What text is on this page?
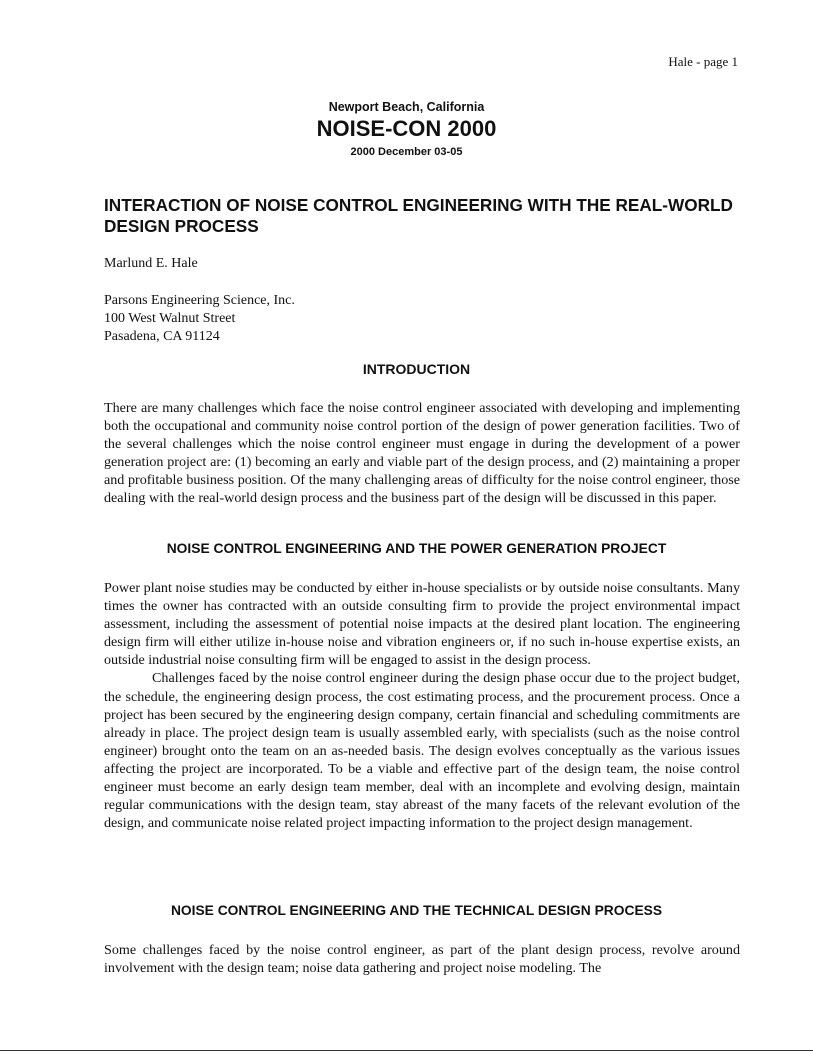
Hale - page 1
Newport Beach, California
NOISE-CON 2000
2000 December 03-05
INTERACTION OF NOISE CONTROL ENGINEERING WITH THE REAL-WORLD DESIGN PROCESS
Marlund E. Hale
Parsons Engineering Science, Inc.
100 West Walnut Street
Pasadena, CA 91124
INTRODUCTION

There are many challenges which face the noise control engineer associated with developing and implementing both the occupational and community noise control portion of the design of power generation facilities. Two of the several challenges which the noise control engineer must engage in during the development of a power generation project are: (1) becoming an early and viable part of the design process, and (2) maintaining a proper and profitable business position. Of the many challenging areas of difficulty for the noise control engineer, those dealing with the real-world design process and the business part of the design will be discussed in this paper.

NOISE CONTROL ENGINEERING AND THE POWER GENERATION PROJECT
Power plant noise studies may be conducted by either in-house specialists or by outside noise consultants. Many times the owner has contracted with an outside consulting firm to provide the project environmental impact assessment, including the assessment of potential noise impacts at the desired plant location. The engineering design firm will either utilize in-house noise and vibration engineers or, if no such in-house expertise exists, an outside industrial noise consulting firm will be engaged to assist in the design process.
Challenges faced by the noise control engineer during the design phase occur due to the project budget, the schedule, the engineering design process, the cost estimating process, and the procurement process. Once a project has been secured by the engineering design company, certain financial and scheduling commitments are already in place. The project design team is usually assembled early, with specialists (such as the noise control engineer) brought onto the team on an as-needed basis. The design evolves conceptually as the various issues affecting the project are incorporated. To be a viable and effective part of the design team, the noise control engineer must become an early design team member, deal with an incomplete and evolving design, maintain regular communications with the design team, stay abreast of the many facets of the relevant evolution of the design, and communicate noise related project impacting information to the project design management.
NOISE CONTROL ENGINEERING AND THE TECHNICAL DESIGN PROCESS

Some challenges faced by the noise control engineer, as part of the plant design process, revolve around involvement with the design team; noise data gathering and project noise modeling. The
